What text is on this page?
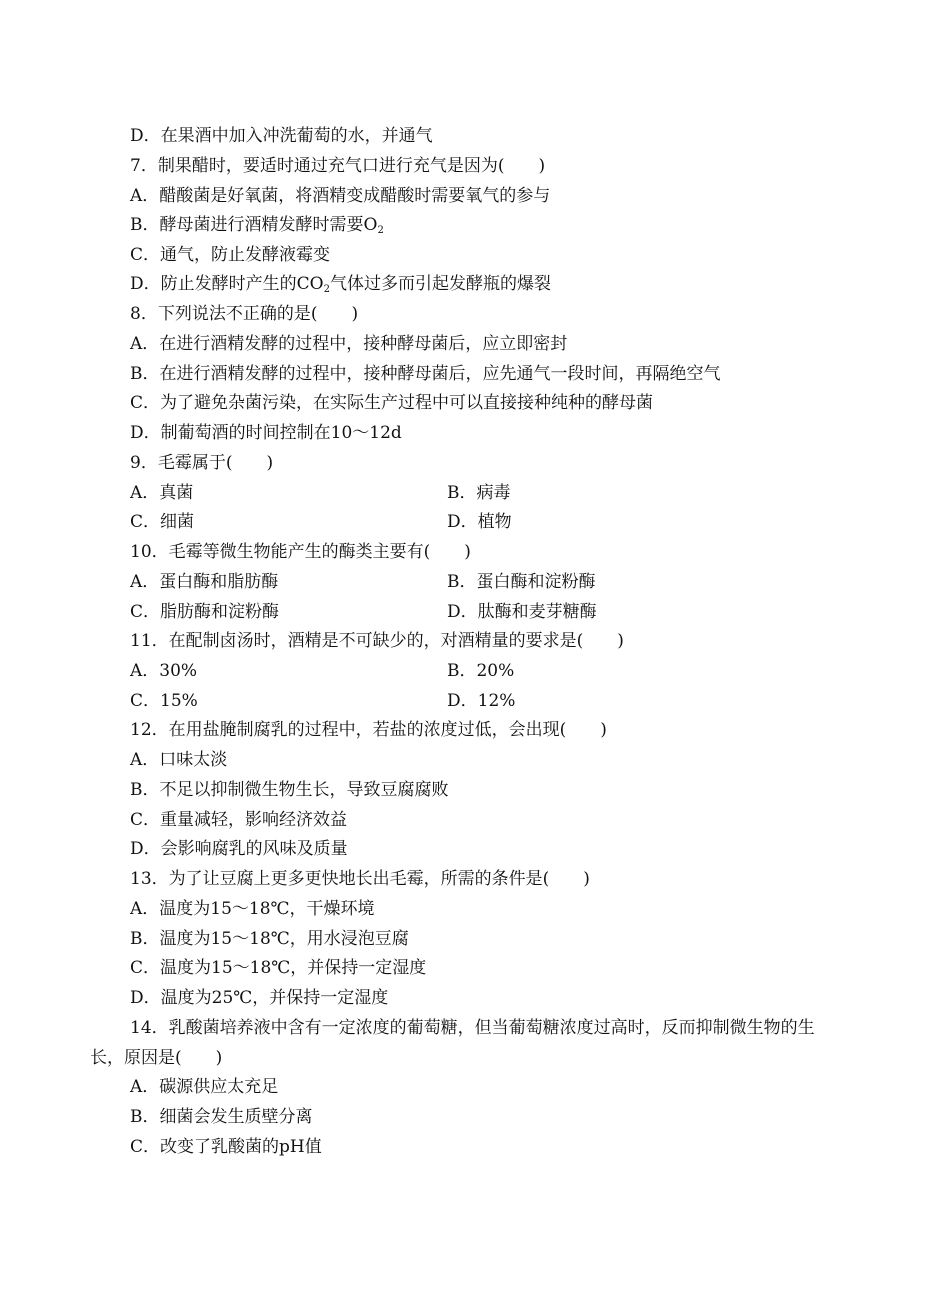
D．在果酒中加入冲洗葡萄的水，并通气
7．制果醋时，要适时通过充气口进行充气是因为(　　)
A．醋酸菌是好氧菌，将酒精变成醋酸时需要氧气的参与
B．酵母菌进行酒精发酵时需要$O_2$
C．通气，防止发酵液霉变
D．防止发酵时产生的$CO_2$气体过多而引起发酵瓶的爆裂
8．下列说法不正确的是(　　)
A．在进行酒精发酵的过程中，接种酵母菌后，应立即密封
B．在进行酒精发酵的过程中，接种酵母菌后，应先通气一段时间，再隔绝空气
C．为了避免杂菌污染，在实际生产过程中可以直接接种纯种的酵母菌
D．制葡萄酒的时间控制在10～12d
9．毛霉属于(　　)
A．真菌	B．病毒
C．细菌	D．植物
10．毛霉等微生物能产生的酶类主要有(　　)
A．蛋白酶和脂肪酶	B．蛋白酶和淀粉酶
C．脂肪酶和淀粉酶	D．肽酶和麦芽糖酶
11．在配制卤汤时，酒精是不可缺少的，对酒精量的要求是(　　)
A．30%	B．20%
C．15%	D．12%
12．在用盐腌制腐乳的过程中，若盐的浓度过低，会出现(　　)
A．口味太淡
B．不足以抑制微生物生长，导致豆腐腐败
C．重量减轻，影响经济效益
D．会影响腐乳的风味及质量
13．为了让豆腐上更多更快地长出毛霉，所需的条件是(　　)
A．温度为15～18℃，干燥环境
B．温度为15～18℃，用水浸泡豆腐
C．温度为15～18℃，并保持一定湿度
D．温度为25℃，并保持一定湿度
14．乳酸菌培养液中含有一定浓度的葡萄糖，但当葡萄糖浓度过高时，反而抑制微生物的生
长，原因是(　　)
A．碳源供应太充足
B．细菌会发生质壁分离
C．改变了乳酸菌的pH值
